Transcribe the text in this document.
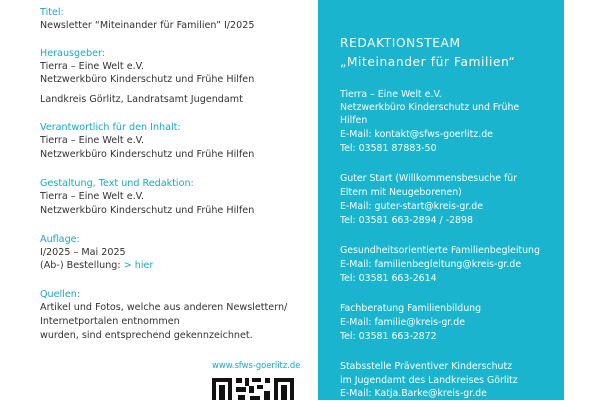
Titel:
Newsletter “Miteinander für Familien” I/2025
Herausgeber:
Tierra – Eine Welt e.V.
Netzwerkbüro Kinderschutz und Frühe Hilfen
Landkreis Görlitz, Landratsamt Jugendamt
Verantwortlich für den Inhalt:
Tierra – Eine Welt e.V.
Netzwerkbüro Kinderschutz und Frühe Hilfen
Gestaltung, Text und Redaktion:
Tierra – Eine Welt e.V.
Netzwerkbüro Kinderschutz und Frühe Hilfen
Auflage:
I/2025 – Mai 2025
(Ab-) Bestellung: > hier
Quellen:
Artikel und Fotos, welche aus anderen Newslettern/
Internetportalen entnommen
wurden, sind entsprechend gekennzeichnet.
www.sfws-goerlitz.de
REDAKTIONSTEAM
„Miteinander für Familien“
Tierra – Eine Welt e.V.
Netzwerkbüro Kinderschutz und Frühe
Hilfen
E-Mail: kontakt@sfws-goerlitz.de
Tel: 03581 87883-50
Guter Start (Willkommensbesuche für
Eltern mit Neugeborenen)
E-Mail: guter-start@kreis-gr.de
Tel: 03581 663-2894 / -2898
Gesundheitsorientierte Familienbegleitung
E-Mail: familienbegleitung@kreis-gr.de
Tel: 03581 663-2614
Fachberatung Familienbildung
E-Mail: familie@kreis-gr.de
Tel: 03581 663-2872
Stabsstelle Präventiver Kinderschutz
im Jugendamt des Landkreises Görlitz
E-Mail: Katja.Barke@kreis-gr.de
